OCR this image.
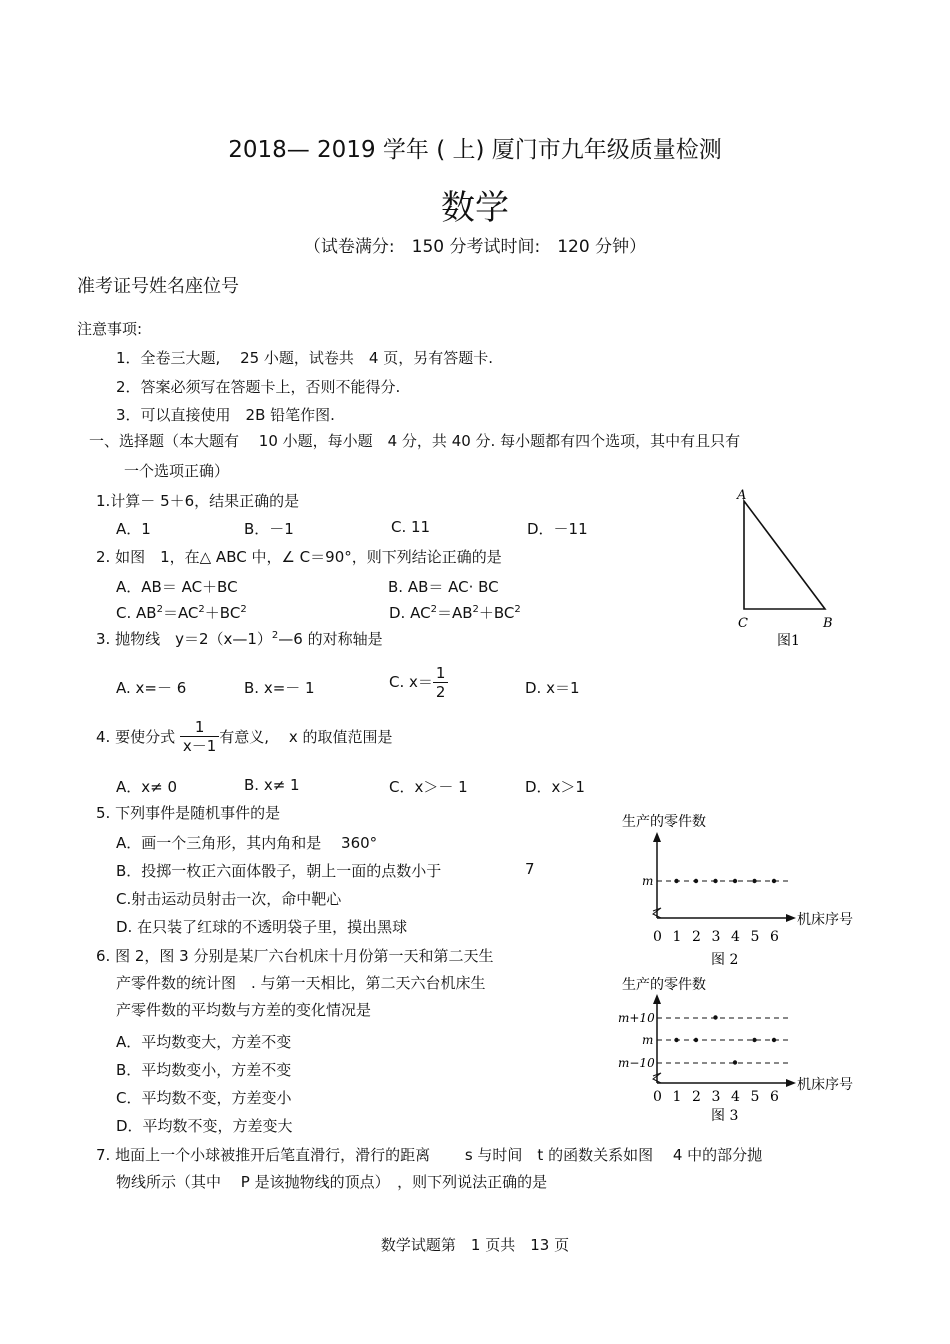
2018— 2019 学年 ( 上) 厦门市九年级质量检测
数学
（试卷满分:　150 分考试时间:　120 分钟）
准考证号姓名座位号
注意事项:
1．全卷三大题,　 25 小题，试卷共　4 页，另有答题卡.
2．答案必须写在答题卡上，否则不能得分.
3．可以直接使用　2B 铅笔作图.
一、选择题（本大题有　 10 小题，每小题　4 分，共 40 分. 每小题都有四个选项，其中有且只有
一个选项正确）
1.计算－ 5＋6，结果正确的是
A．1	B．－1	C. 11	D．－11
2. 如图　1，在△ ABC 中，∠ C＝90°，则下列结论正确的是
A．AB＝ AC＋BC	B. AB＝ AC· BC
C. $AB^2=AC^2+BC^2$	D. $AC^2=AB^2+BC^2$
3. 抛物线　y＝2（x—1）$^2$—6 的对称轴是
A. x=－ 6	B. x=－ 1	C. $x= \frac{1}{2}$	D. x＝1
4. 要使分式 $\frac{1}{x-1}$ 有意义,　 x 的取值范围是
A．x≠ 0	B. x≠ 1	C．x＞－ 1	D．x＞1
5. 下列事件是随机事件的是
A．画一个三角形，其内角和是　 360°
B．投掷一枚正六面体骰子，朝上一面的点数小于	7
C.射击运动员射击一次，命中靶心
D. 在只装了红球的不透明袋子里，摸出黑球
6. 图 2，图 3 分别是某厂六台机床十月份第一天和第二天生
产零件数的统计图　. 与第一天相比，第二天六台机床生
产零件数的平均数与方差的变化情况是
A．平均数变大，方差不变
B．平均数变小，方差不变
C．平均数不变，方差变小
D．平均数不变，方差变大
7. 地面上一个小球被推开后笔直滑行，滑行的距离　　 s 与时间　t 的函数关系如图　 4 中的部分抛
物线所示（其中　 P 是该抛物线的顶点）　，则下列说法正确的是
A
C	B
图1
生产的零件数
m
0 1 2 3 4 5 6
机床序号
图 2
生产的零件数
m+10
m
m−10
0 1 2 3 4 5 6
机床序号
图 3
数学试题第　1 页共　13 页
